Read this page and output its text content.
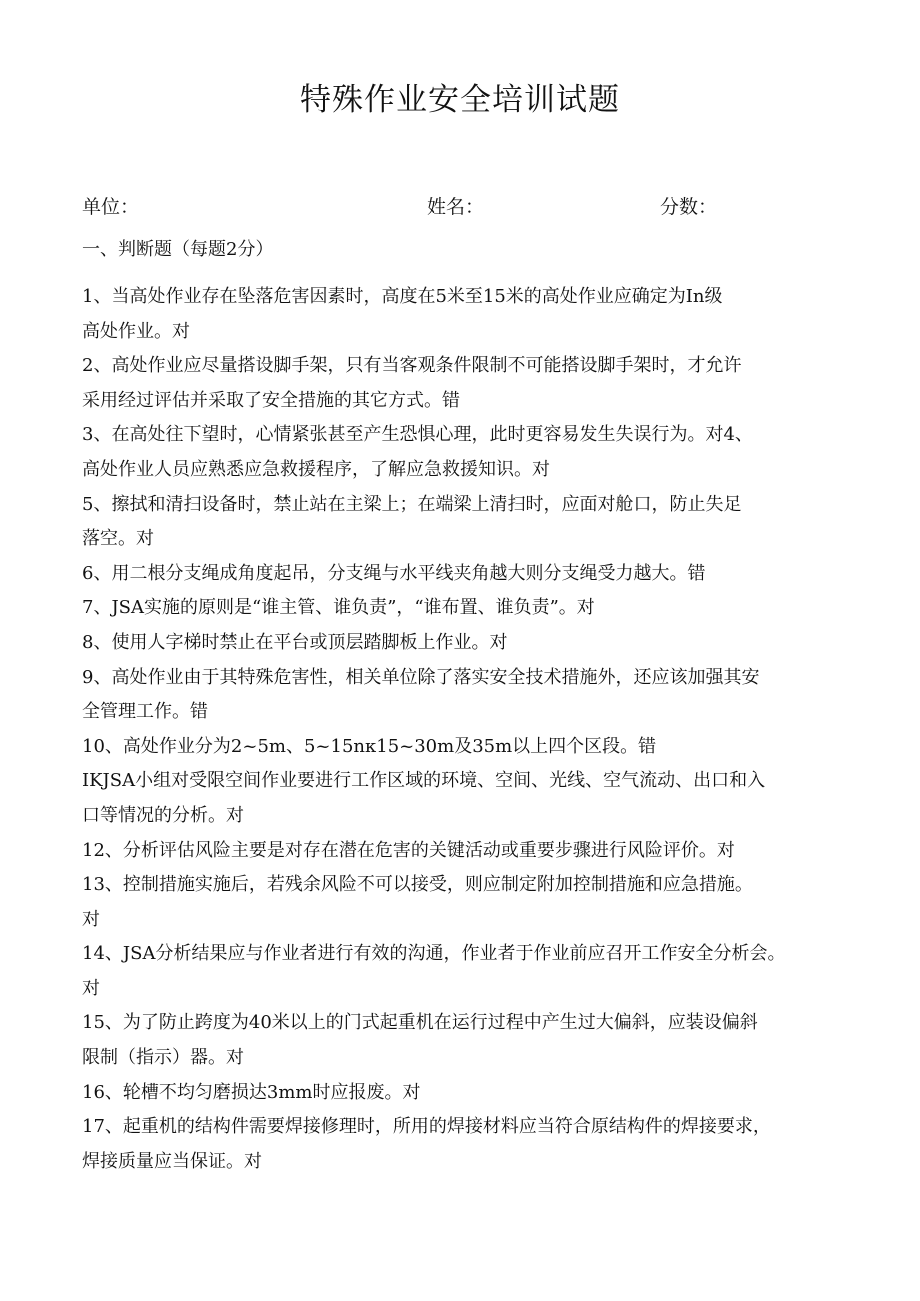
特殊作业安全培训试题
单位：	姓名：	分数：
一、判断题（每题2分）
1、当高处作业存在坠落危害因素时，高度在5米至15米的高处作业应确定为In级
高处作业。对
2、高处作业应尽量搭设脚手架，只有当客观条件限制不可能搭设脚手架时，才允许
采用经过评估并采取了安全措施的其它方式。错
3、在高处往下望时，心情紧张甚至产生恐惧心理，此时更容易发生失误行为。对4、
高处作业人员应熟悉应急救援程序，了解应急救援知识。对
5、擦拭和清扫设备时，禁止站在主梁上；在端梁上清扫时，应面对舱口，防止失足
落空。对
6、用二根分支绳成角度起吊，分支绳与水平线夹角越大则分支绳受力越大。错
7、JSA实施的原则是“谁主管、谁负责”，“谁布置、谁负责”。对
8、使用人字梯时禁止在平台或顶层踏脚板上作业。对
9、高处作业由于其特殊危害性，相关单位除了落实安全技术措施外，还应该加强其安
全管理工作。错
10、高处作业分为2~5m、5~15nκ15~30m及35m以上四个区段。错
IKJSA小组对受限空间作业要进行工作区域的环境、空间、光线、空气流动、出口和入
口等情况的分析。对
12、分析评估风险主要是对存在潜在危害的关键活动或重要步骤进行风险评价。对
13、控制措施实施后，若残余风险不可以接受，则应制定附加控制措施和应急措施。
对
14、JSA分析结果应与作业者进行有效的沟通，作业者于作业前应召开工作安全分析会。
对
15、为了防止跨度为40米以上的门式起重机在运行过程中产生过大偏斜，应装设偏斜
限制（指示）器。对
16、轮槽不均匀磨损达3mm时应报废。对
17、起重机的结构件需要焊接修理时，所用的焊接材料应当符合原结构件的焊接要求，
焊接质量应当保证。对
